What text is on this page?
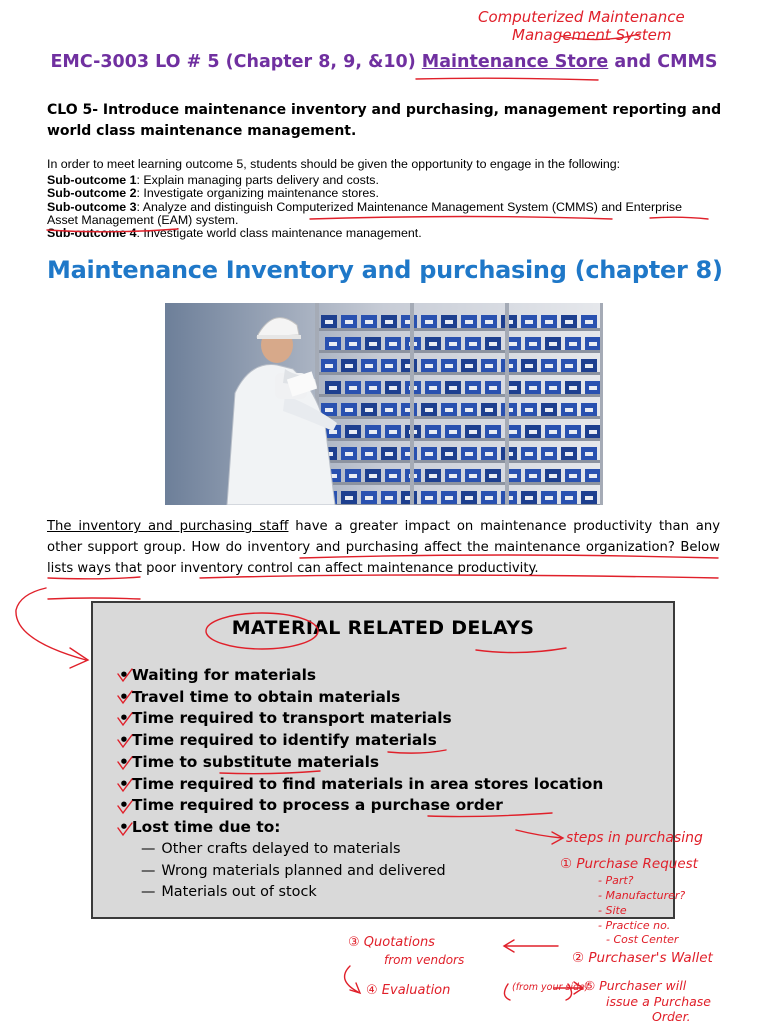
EMC-3003 LO # 5 (Chapter 8, 9, &10) Maintenance Store and CMMS
CLO 5- Introduce maintenance inventory and purchasing, management reporting and world class maintenance management.
In order to meet learning outcome 5, students should be given the opportunity to engage in the following:
Sub-outcome 1: Explain managing parts delivery and costs.
Sub-outcome 2: Investigate organizing maintenance stores.
Sub-outcome 3: Analyze and distinguish Computerized Maintenance Management System (CMMS) and Enterprise
Asset Management (EAM) system.
Sub-outcome 4: Investigate world class maintenance management.
Maintenance Inventory and purchasing (chapter 8)
The inventory and purchasing staff have a greater impact on maintenance productivity than any other support group. How do inventory and purchasing affect the maintenance organization? Below lists ways that poor inventory control can affect maintenance productivity.
MATERIAL RELATED DELAYS
• Waiting for materials
• Travel time to obtain materials
• Time required to transport materials
• Time required to identify materials
• Time to substitute materials
• Time required to find materials in area stores location
• Time required to process a purchase order
• Lost time due to:
— Other crafts delayed to materials
— Wrong materials planned and delivered
— Materials out of stock
Computerized Maintenance
Management System
steps in purchasing
① Purchase Request
- Part?
- Manufacturer?
- Site
- Practice no.
- Cost Center
② Purchaser's Wallet
③ Quotations
from vendors
④ Evaluation	(from your side)
⑤ Purchaser will
issue a Purchase
Order.
